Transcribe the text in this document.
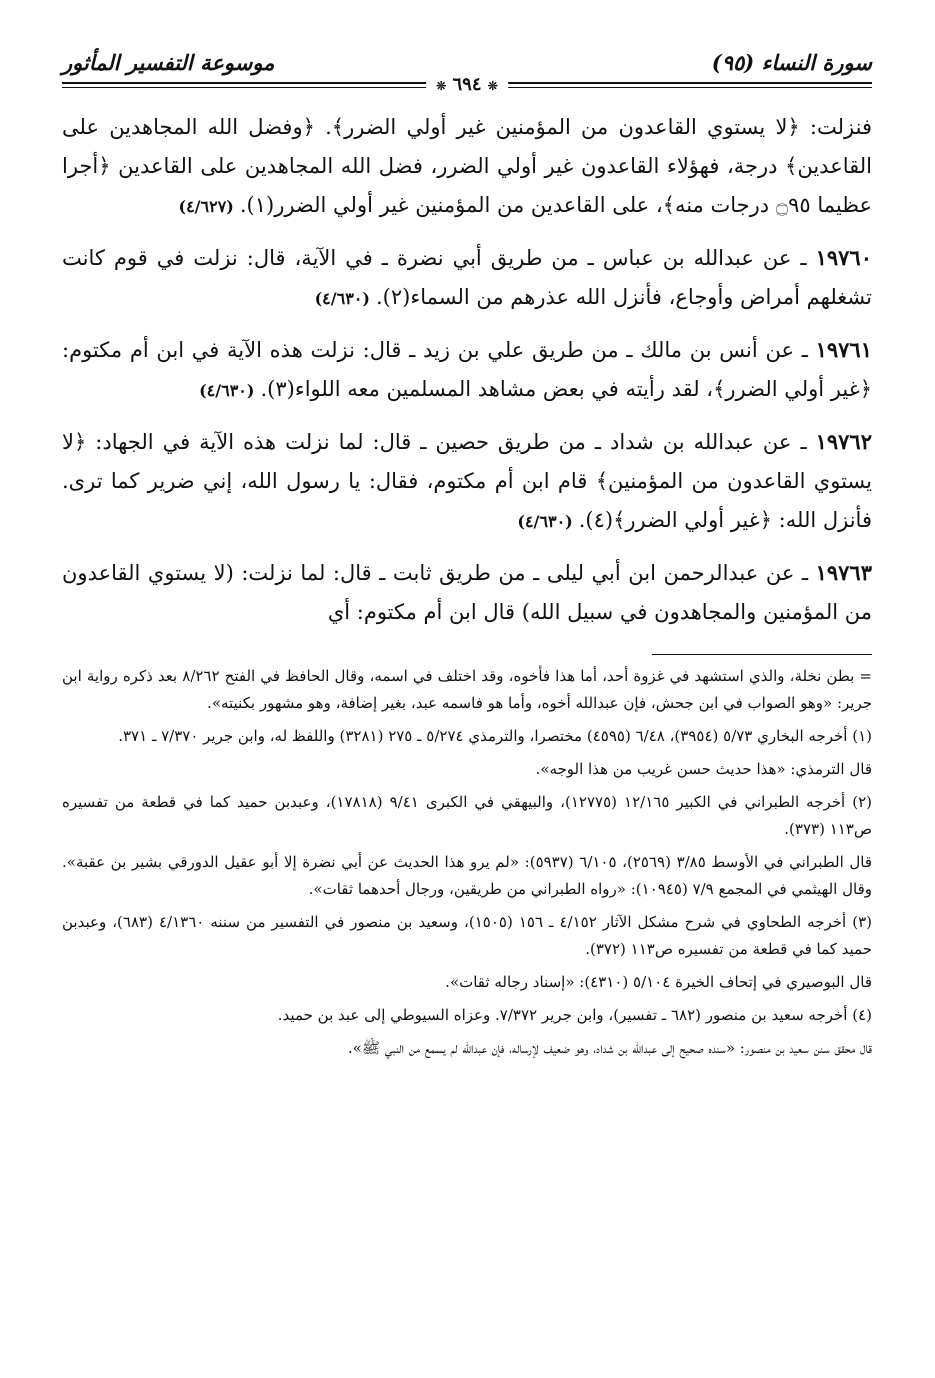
سورة النساء (٩٥)
موسوعة التفسير المأثور
❊ ٦٩٤ ❊

فنزلت: ﴿لا يستوي القاعدون من المؤمنين غير أولي الضرر﴾. ﴿وفضل الله المجاهدين على القاعدين﴾ درجة، فهؤلاء القاعدون غير أولي الضرر، فضل الله المجاهدين على القاعدين ﴿أجرا عظيما ۝٩٥ درجات منه﴾، على القاعدين من المؤمنين غير أولي الضرر(١).(٤/٦٢٧)

١٩٧٦٠ ـ عن عبدالله بن عباس ـ من طريق أبي نضرة ـ في الآية، قال: نزلت في قوم كانت تشغلهم أمراض وأوجاع، فأنزل الله عذرهم من السماء(٢).(٤/٦٣٠)

١٩٧٦١ ـ عن أنس بن مالك ـ من طريق علي بن زيد ـ قال: نزلت هذه الآية في ابن أم مكتوم: ﴿غير أولي الضرر﴾، لقد رأيته في بعض مشاهد المسلمين معه اللواء(٣).(٤/٦٣٠)

١٩٧٦٢ ـ عن عبدالله بن شداد ـ من طريق حصين ـ قال: لما نزلت هذه الآية في الجهاد: ﴿لا يستوي القاعدون من المؤمنين﴾ قام ابن أم مكتوم، فقال: يا رسول الله، إني ضرير كما ترى. فأنزل الله: ﴿غير أولي الضرر﴾(٤).(٤/٦٣٠)

١٩٧٦٣ ـ عن عبدالرحمن ابن أبي ليلى ـ من طريق ثابت ـ قال: لما نزلت: (لا يستوي القاعدون من المؤمنين والمجاهدون في سبيل الله) قال ابن أم مكتوم: أي

= بطن نخلة، والذي استشهد في غزوة أحد، أما هذا فأخوه، وقد اختلف في اسمه، وقال الحافظ في الفتح ٨/٢٦٢ بعد ذكره رواية ابن جرير: «وهو الصواب في ابن جحش، فإن عبدالله أخوه، وأما هو فاسمه عبد، بغير إضافة، وهو مشهور بكنيته».

(١) أخرجه البخاري ٥/٧٣ (٣٩٥٤)، ٦/٤٨ (٤٥٩٥) مختصرا، والترمذي ٥/٢٧٤ ـ ٢٧٥ (٣٢٨١) واللفظ له، وابن جرير ٧/٣٧٠ ـ ٣٧١.

قال الترمذي: «هذا حديث حسن غريب من هذا الوجه».

(٢) أخرجه الطبراني في الكبير ١٢/١٦٥ (١٢٧٧٥)، والبيهقي في الكبرى ٩/٤١ (١٧٨١٨)، وعبدبن حميد كما في قطعة من تفسيره ص١١٣ (٣٧٣).

قال الطبراني في الأوسط ٣/٨٥ (٢٥٦٩)، ٦/١٠٥ (٥٩٣٧): «لم يرو هذا الحديث عن أبي نضرة إلا أبو عقيل الدورقي بشير بن عقبة». وقال الهيثمي في المجمع ٧/٩ (١٠٩٤٥): «رواه الطبراني من طريقين، ورجال أحدهما ثقات».

(٣) أخرجه الطحاوي في شرح مشكل الآثار ٤/١٥٢ ـ ١٥٦ (١٥٠٥)، وسعيد بن منصور في التفسير من سننه ٤/١٣٦٠ (٦٨٣)، وعبدبن حميد كما في قطعة من تفسيره ص١١٣ (٣٧٢).

قال البوصيري في إتحاف الخيرة ٥/١٠٤ (٤٣١٠): «إسناد رجاله ثقات».

(٤) أخرجه سعيد بن منصور (٦٨٢ ـ تفسير)، وابن جرير ٧/٣٧٢. وعزاه السيوطي إلى عبد بن حميد.

قال محقق سنن سعيد بن منصور: «سنده صحيح إلى عبدالله بن شداد، وهو ضعيف لإرساله، فإن عبدالله لم يسمع من النبي ﷺ».
